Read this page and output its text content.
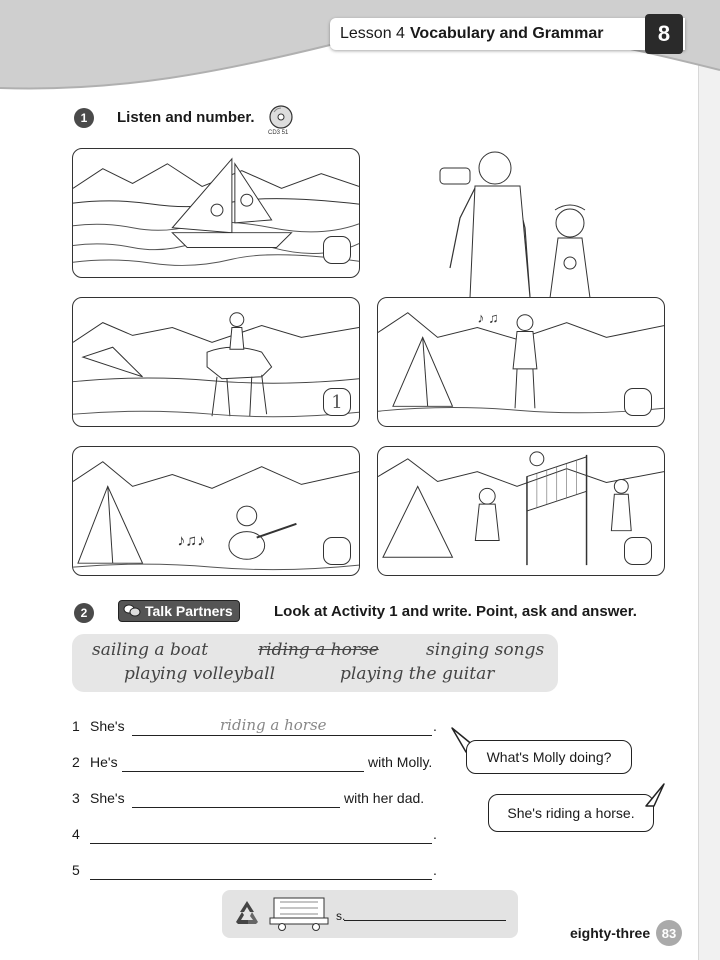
Lesson 4 Vocabulary and Grammar	8
1	Listen and number.
CD3 51
1
♪ ♫
♪♫♪
2	Talk Partners	Look at Activity 1 and write. Point, ask and answer.
sailing a boat	riding a horse	singing songs
playing volleyball	playing the guitar
1 She's	riding a horse	.
2 He's	with Molly.
3 She's	with her dad.
4	.
5	.
What's Molly doing?
She's riding a horse.
s.
eighty-three 83
